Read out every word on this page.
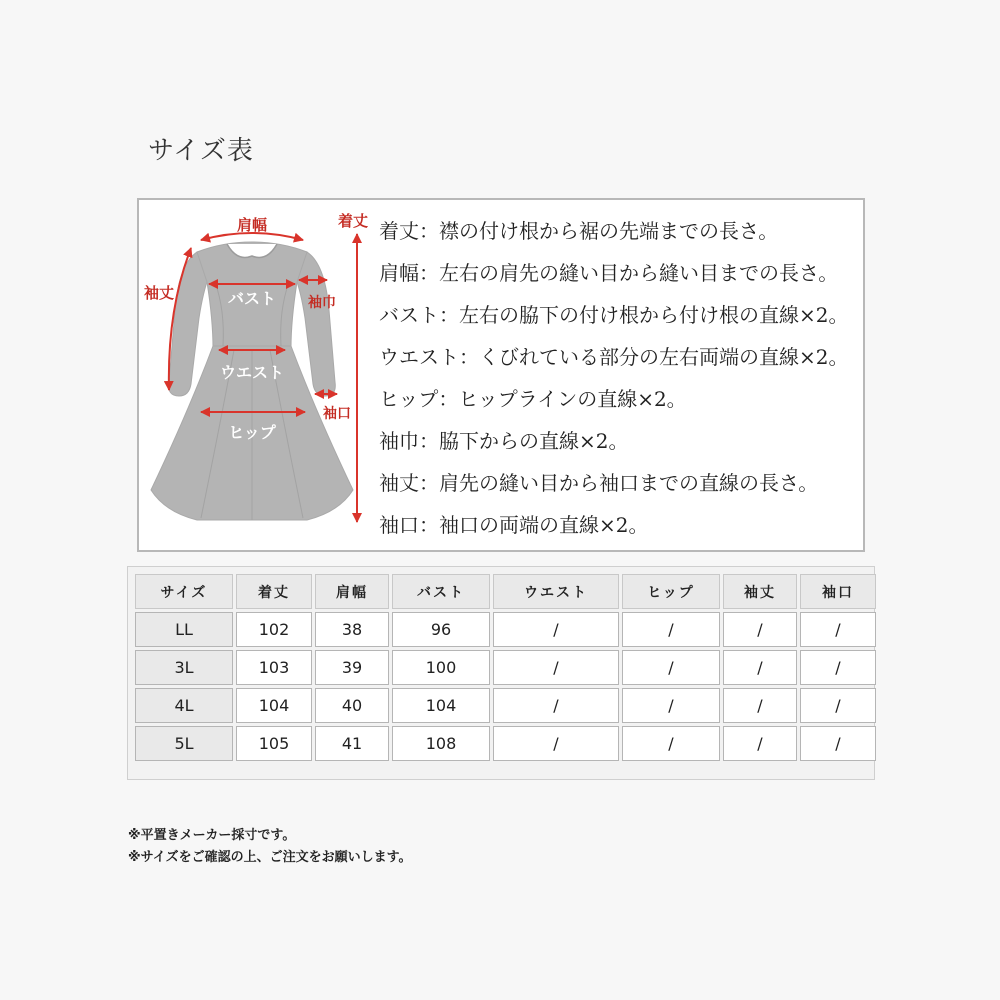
サイズ表
肩幅	着丈
袖丈
袖巾
袖口
バスト
ウエスト
ヒップ
着丈：襟の付け根から裾の先端までの長さ。
肩幅：左右の肩先の縫い目から縫い目までの長さ。
バスト：左右の脇下の付け根から付け根の直線×2。
ウエスト：くびれている部分の左右両端の直線×2。
ヒップ：ヒップラインの直線×2。
袖巾：脇下からの直線×2。
袖丈：肩先の縫い目から袖口までの直線の長さ。
袖口：袖口の両端の直線×2。
サイズ	着丈	肩幅	バスト	ウエスト	ヒップ	袖丈	袖口
LL	102	38	96	/	/	/	/
3L	103	39	100	/	/	/	/
4L	104	40	104	/	/	/	/
5L	105	41	108	/	/	/	/
※平置きメーカー採寸です。
※サイズをご確認の上、ご注文をお願いします。
